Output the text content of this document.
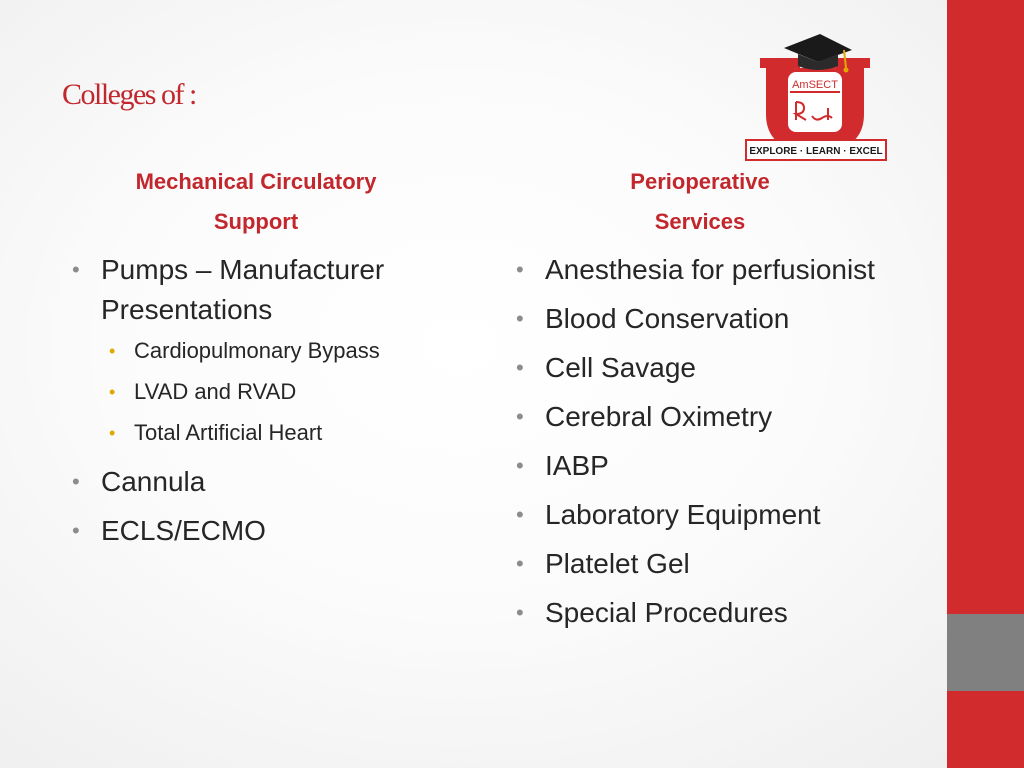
Colleges of :	AmSECT
EXPLORE · LEARN · EXCEL
Mechanical Circulatory
Support
Perioperative
Services
• Pumps – Manufacturer Presentations
• Cardiopulmonary Bypass
• LVAD and RVAD
• Total Artificial Heart
• Cannula
• ECLS/ECMO
• Anesthesia for perfusionist
• Blood Conservation
• Cell Savage
• Cerebral Oximetry
• IABP
• Laboratory Equipment
• Platelet Gel
• Special Procedures
